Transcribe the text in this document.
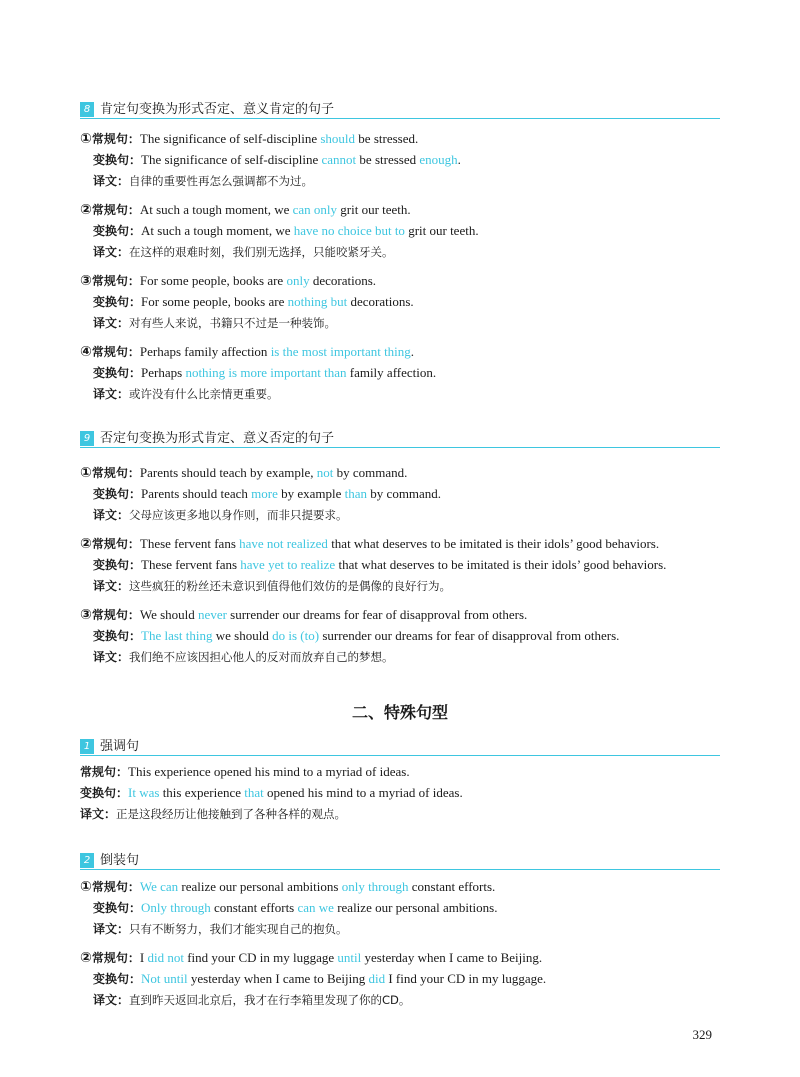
8 肯定句变换为形式否定、意义肯定的句子
①常规句：The significance of self-discipline should be stressed.
变换句：The significance of self-discipline cannot be stressed enough.
译文：自律的重要性再怎么强调都不为过。
②常规句：At such a tough moment, we can only grit our teeth.
变换句：At such a tough moment, we have no choice but to grit our teeth.
译文：在这样的艰难时刻，我们别无选择，只能咬紧牙关。
③常规句：For some people, books are only decorations.
变换句：For some people, books are nothing but decorations.
译文：对有些人来说，书籍只不过是一种装饰。
④常规句：Perhaps family affection is the most important thing.
变换句：Perhaps nothing is more important than family affection.
译文：或许没有什么比亲情更重要。
9 否定句变换为形式肯定、意义否定的句子
①常规句：Parents should teach by example, not by command.
变换句：Parents should teach more by example than by command.
译文：父母应该更多地以身作则，而非只提要求。
②常规句：These fervent fans have not realized that what deserves to be imitated is their idols’ good behaviors.
变换句：These fervent fans have yet to realize that what deserves to be imitated is their idols’ good behaviors.
译文：这些疯狂的粉丝还未意识到值得他们效仿的是偶像的良好行为。
③常规句：We should never surrender our dreams for fear of disapproval from others.
变换句：The last thing we should do is (to) surrender our dreams for fear of disapproval from others.
译文：我们绝不应该因担心他人的反对而放弃自己的梦想。
二、特殊句型
1 强调句
常规句：This experience opened his mind to a myriad of ideas.
变换句：It was this experience that opened his mind to a myriad of ideas.
译文：正是这段经历让他接触到了各种各样的观点。
2 倒装句
①常规句：We can realize our personal ambitions only through constant efforts.
变换句：Only through constant efforts can we realize our personal ambitions.
译文：只有不断努力，我们才能实现自己的抱负。
②常规句：I did not find your CD in my luggage until yesterday when I came to Beijing.
变换句：Not until yesterday when I came to Beijing did I find your CD in my luggage.
译文：直到昨天返回北京后，我才在行李箱里发现了你的CD。
329
